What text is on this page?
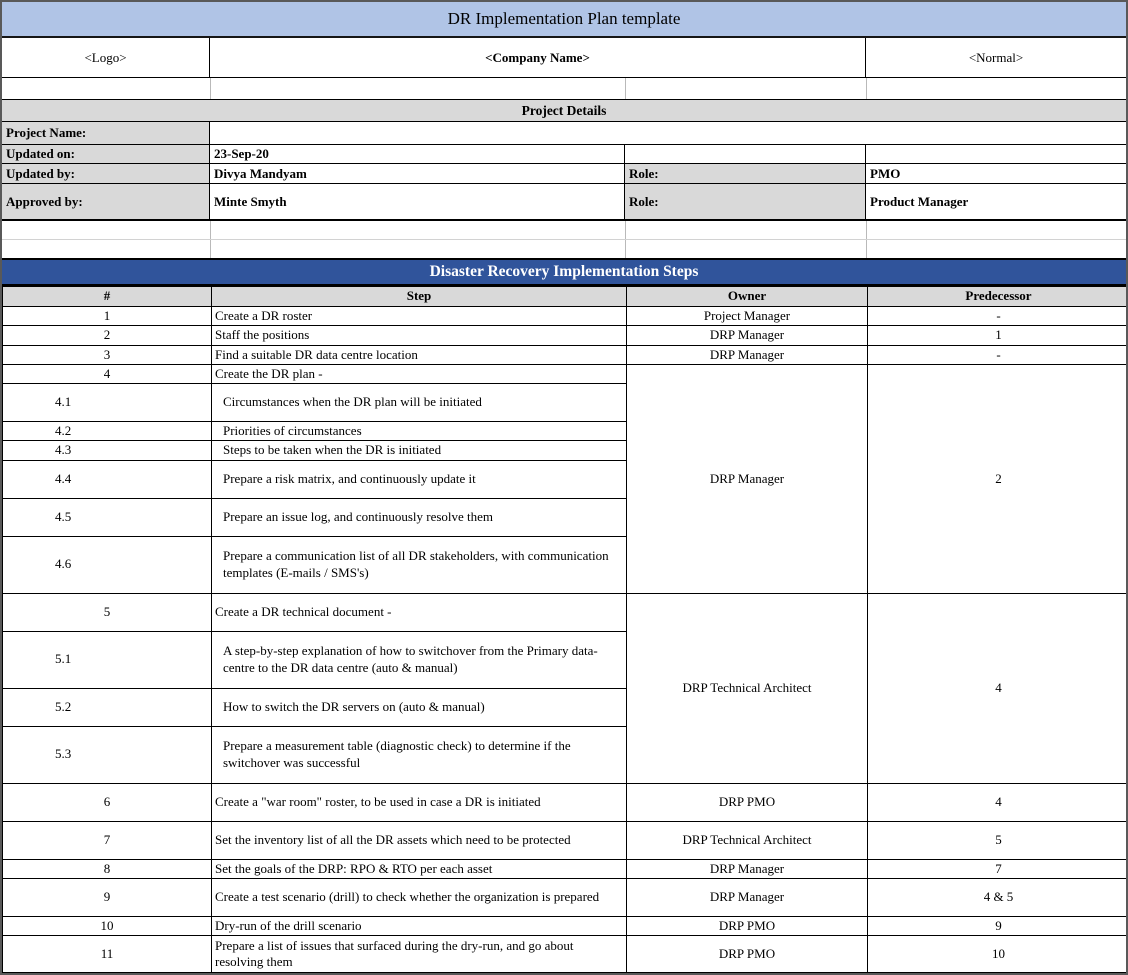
DR Implementation Plan template
<Logo>	<Company Name>	<Normal>
Project Details
Project Name:
Updated on:	23-Sep-20
Updated by:	Divya Mandyam	Role:	PMO
Approved by:	Minte Smyth	Role:	Product Manager
Disaster Recovery Implementation Steps
#	Step	Owner	Predecessor
1	Create a DR roster	Project Manager	-
2	Staff the positions	DRP Manager	1
3	Find a suitable DR data centre location	DRP Manager	-
4	Create the DR plan -	DRP Manager	2
4.1	Circumstances when the DR plan will be initiated		
4.2	Priorities of circumstances		
4.3	Steps to be taken when the DR is initiated		
4.4	Prepare a risk matrix, and continuously update it		
4.5	Prepare an issue log, and continuously resolve them		
4.6	Prepare a communication list of all DR stakeholders, with communication templates (E-mails / SMS's)		
5	Create a DR technical document -	DRP Technical Architect	4
5.1	A step-by-step explanation of how to switchover from the Primary data-centre to the DR data centre (auto & manual)		
5.2	How to switch the DR servers on (auto & manual)		
5.3	Prepare a measurement table (diagnostic check) to determine if the switchover was successful		
6	Create a "war room" roster, to be used in case a DR is initiated	DRP PMO	4
7	Set the inventory list of all the DR assets which need to be protected	DRP Technical Architect	5
8	Set the goals of the DRP: RPO & RTO per each asset	DRP Manager	7
9	Create a test scenario (drill) to check whether the organization is prepared	DRP Manager	4 & 5
10	Dry-run of the drill scenario	DRP PMO	9
11	Prepare a list of issues that surfaced during the dry-run, and go about resolving them	DRP PMO	10
